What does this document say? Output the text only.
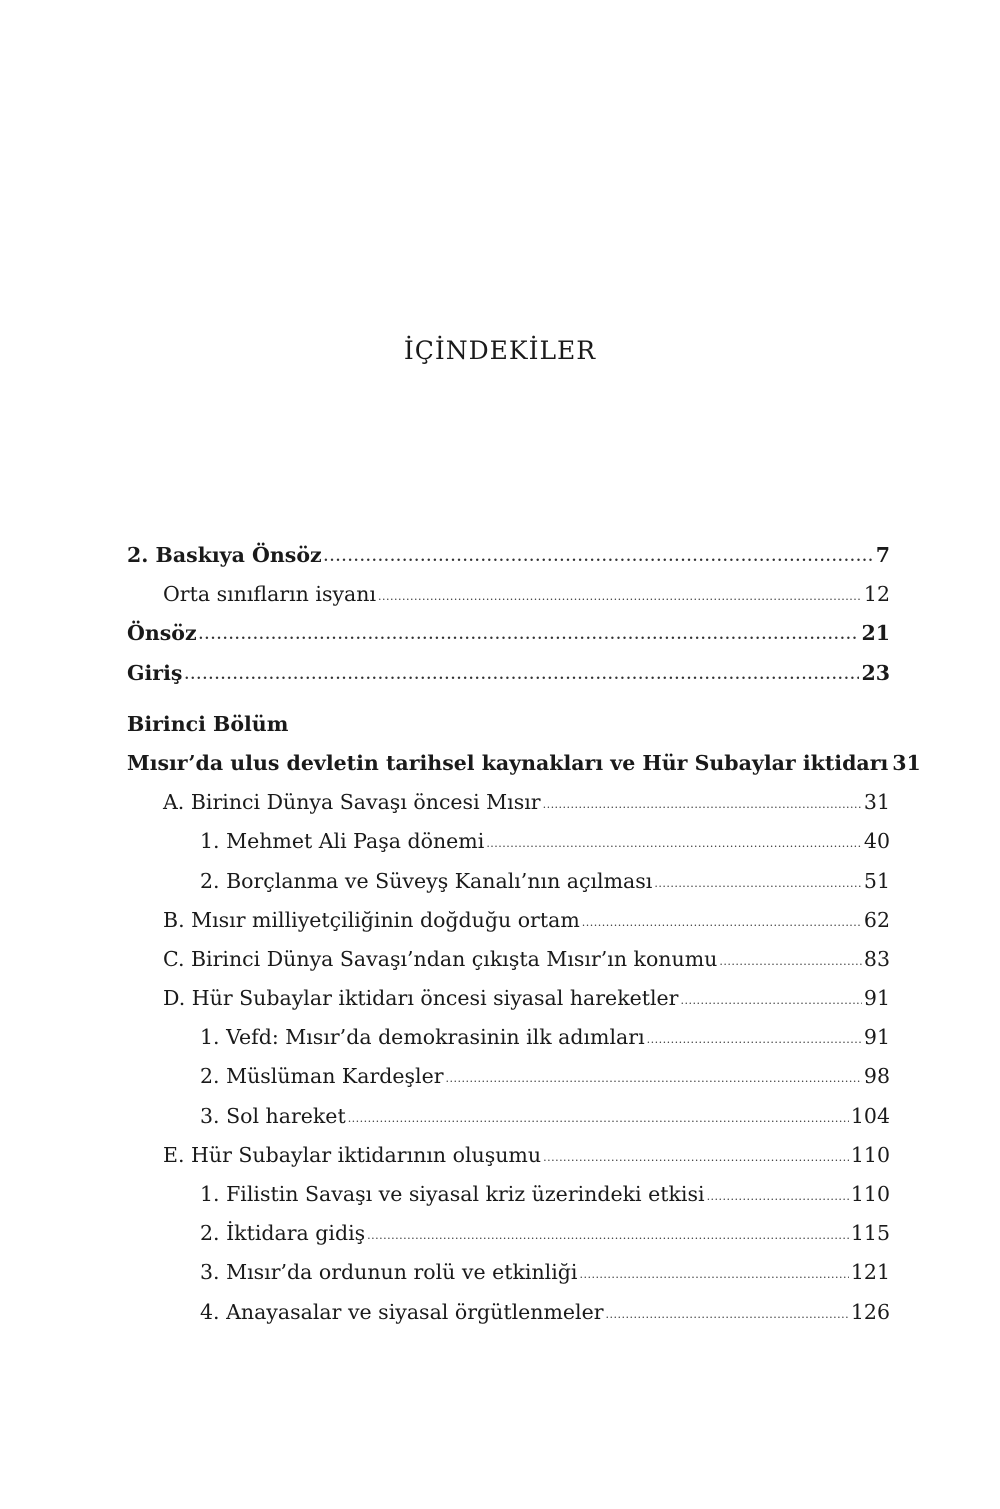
İÇİNDEKİLER
2. Baskıya Önsöz . . .	7
Orta sınıfların isyanı . . .	12
Önsöz . . .	21
Giriş . . .	23
Birinci Bölüm
Mısır’da ulus devletin tarihsel kaynakları ve Hür Subaylar iktidarı 31
A. Birinci Dünya Savaşı öncesi Mısır . . .	31
1. Mehmet Ali Paşa dönemi . . .	40
2. Borçlanma ve Süveyş Kanalı’nın açılması . . .	51
B. Mısır milliyetçiliğinin doğduğu ortam . . .	62
C. Birinci Dünya Savaşı’ndan çıkışta Mısır’ın konumu . . .	83
D. Hür Subaylar iktidarı öncesi siyasal hareketler . . .	91
1. Vefd: Mısır’da demokrasinin ilk adımları . . .	91
2. Müslüman Kardeşler . . .	98
3. Sol hareket . . .	104
E. Hür Subaylar iktidarının oluşumu . . .	110
1. Filistin Savaşı ve siyasal kriz üzerindeki etkisi . . .	110
2. İktidara gidiş . . .	115
3. Mısır’da ordunun rolü ve etkinliği . . .	121
4. Anayasalar ve siyasal örgütlenmeler . . .	126
